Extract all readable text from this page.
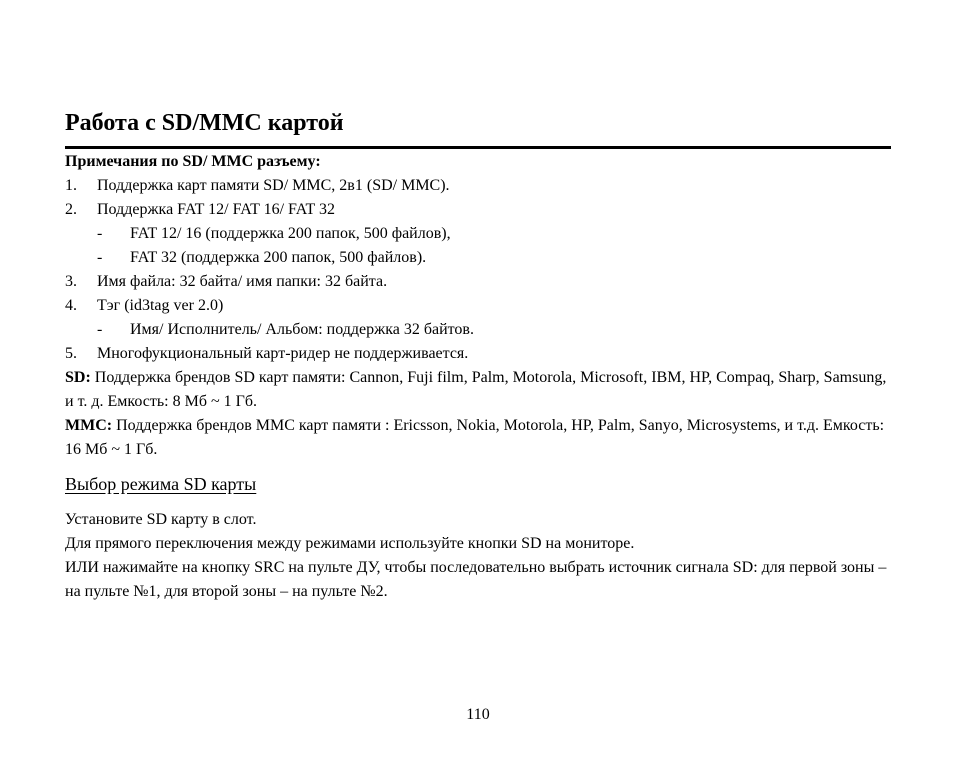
Работа с SD/MMC картой
Примечания по SD/ MMC разъему:
1. Поддержка карт памяти SD/ MMC, 2в1 (SD/ MMC).
2. Поддержка FAT 12/ FAT 16/ FAT 32
- FAT 12/ 16 (поддержка 200 папок, 500 файлов),
- FAT 32 (поддержка 200 папок, 500 файлов).
3. Имя файла: 32 байта/ имя папки: 32 байта.
4. Тэг (id3tag ver 2.0)
- Имя/ Исполнитель/ Альбом: поддержка 32 байтов.
5. Многофукциональный карт-ридер не поддерживается.
SD: Поддержка брендов SD карт памяти: Cannon, Fuji film, Palm, Motorola, Microsoft, IBM, HP, Compaq, Sharp, Samsung, и т. д. Емкость: 8 Мб ~ 1 Гб.
MMC: Поддержка брендов MMC карт памяти : Ericsson, Nokia, Motorola, HP, Palm, Sanyo, Microsystems, и т.д. Емкость: 16 Мб ~ 1 Гб.
Выбор режима SD карты
Установите SD карту в слот.
Для прямого переключения между режимами используйте кнопки SD на мониторе.
ИЛИ нажимайте на кнопку SRC на пульте ДУ, чтобы последовательно выбрать источник сигнала SD: для первой зоны – на пульте №1, для второй зоны – на пульте №2.
110
